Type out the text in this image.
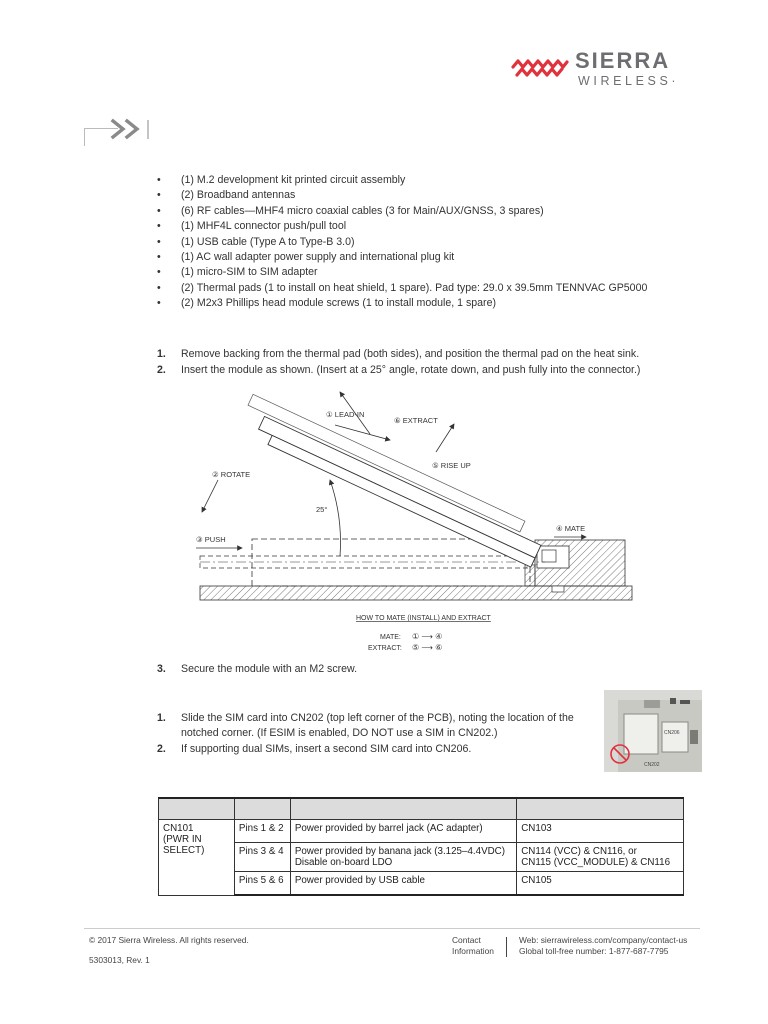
SIERRA
WIRELESS·
• (1) M.2 development kit printed circuit assembly
• (2) Broadband antennas
• (6) RF cables—MHF4 micro coaxial cables (3 for Main/AUX/GNSS, 3 spares)
• (1) MHF4L connector push/pull tool
• (1) USB cable (Type A to Type-B 3.0)
• (1) AC wall adapter power supply and international plug kit
• (1) micro-SIM to SIM adapter
• (2) Thermal pads (1 to install on heat shield, 1 spare). Pad type: 29.0 x 39.5mm TENNVAC GP5000
• (2) M2x3 Phillips head module screws (1 to install module, 1 spare)
1. Remove backing from the thermal pad (both sides), and position the thermal pad on the heat sink.
2. Insert the module as shown. (Insert at a 25° angle, rotate down, and push fully into the connector.)
25°
① LEAD-IN
⑥ EXTRACT
⑤ RISE UP
② ROTATE
③ PUSH
④ MATE
HOW TO MATE (INSTALL) AND EXTRACT
MATE: ① ⟶ ④
EXTRACT: ⑤ ⟶ ⑥
3. Secure the module with an M2 screw.
1. Slide the SIM card into CN202 (top left corner of the PCB), noting the location of the
notched corner. (If ESIM is enabled, DO NOT use a SIM in CN202.)
2. If supporting dual SIMs, insert a second SIM card into CN206.
CN202
CN206

CN101
(PWR IN
SELECT)	Pins 1 & 2	Power provided by barrel jack (AC adapter)	CN103

	Pins 3 & 4	Power provided by banana jack (3.125–4.4VDC)
Disable on-board LDO	CN114 (VCC) & CN116, or
CN115 (VCC_MODULE) & CN116

	Pins 5 & 6	Power provided by USB cable	CN105
© 2017 Sierra Wireless. All rights reserved.
5303013, Rev. 1
Contact
Information
Web: sierrawireless.com/company/contact-us
Global toll-free number: 1-877-687-7795
